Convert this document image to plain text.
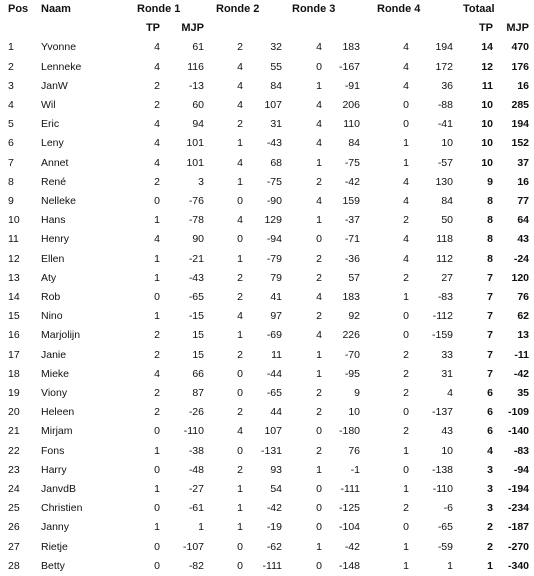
Pos	Naam		Ronde 1		Ronde 2		Ronde 3		Ronde 4		Totaal	
			TP	MJP							TP	MJP
1	Yvonne		4	61	2	32	4	183	4	194	14	470
2	Lenneke		4	116	4	55	0	-167	4	172	12	176
3	JanW		2	-13	4	84	1	-91	4	36	11	16
4	Wil		2	60	4	107	4	206	0	-88	10	285
5	Eric		4	94	2	31	4	110	0	-41	10	194
6	Leny		4	101	1	-43	4	84	1	10	10	152
7	Annet		4	101	4	68	1	-75	1	-57	10	37
8	René		2	3	1	-75	2	-42	4	130	9	16
9	Nelleke		0	-76	0	-90	4	159	4	84	8	77
10	Hans		1	-78	4	129	1	-37	2	50	8	64
11	Henry		4	90	0	-94	0	-71	4	118	8	43
12	Ellen		1	-21	1	-79	2	-36	4	112	8	-24
13	Aty		1	-43	2	79	2	57	2	27	7	120
14	Rob		0	-65	2	41	4	183	1	-83	7	76
15	Nino		1	-15	4	97	2	92	0	-112	7	62
16	Marjolijn		2	15	1	-69	4	226	0	-159	7	13
17	Janie		2	15	2	11	1	-70	2	33	7	-11
18	Mieke		4	66	0	-44	1	-95	2	31	7	-42
19	Viony		2	87	0	-65	2	9	2	4	6	35
20	Heleen		2	-26	2	44	2	10	0	-137	6	-109
21	Mirjam		0	-110	4	107	0	-180	2	43	6	-140
22	Fons		1	-38	0	-131	2	76	1	10	4	-83
23	Harry		0	-48	2	93	1	-1	0	-138	3	-94
24	JanvdB		1	-27	1	54	0	-111	1	-110	3	-194
25	Christien		0	-61	1	-42	0	-125	2	-6	3	-234
26	Janny		1	1	1	-19	0	-104	0	-65	2	-187
27	Rietje		0	-107	0	-62	1	-42	1	-59	2	-270
28	Betty		0	-82	0	-111	0	-148	1	1	1	-340
